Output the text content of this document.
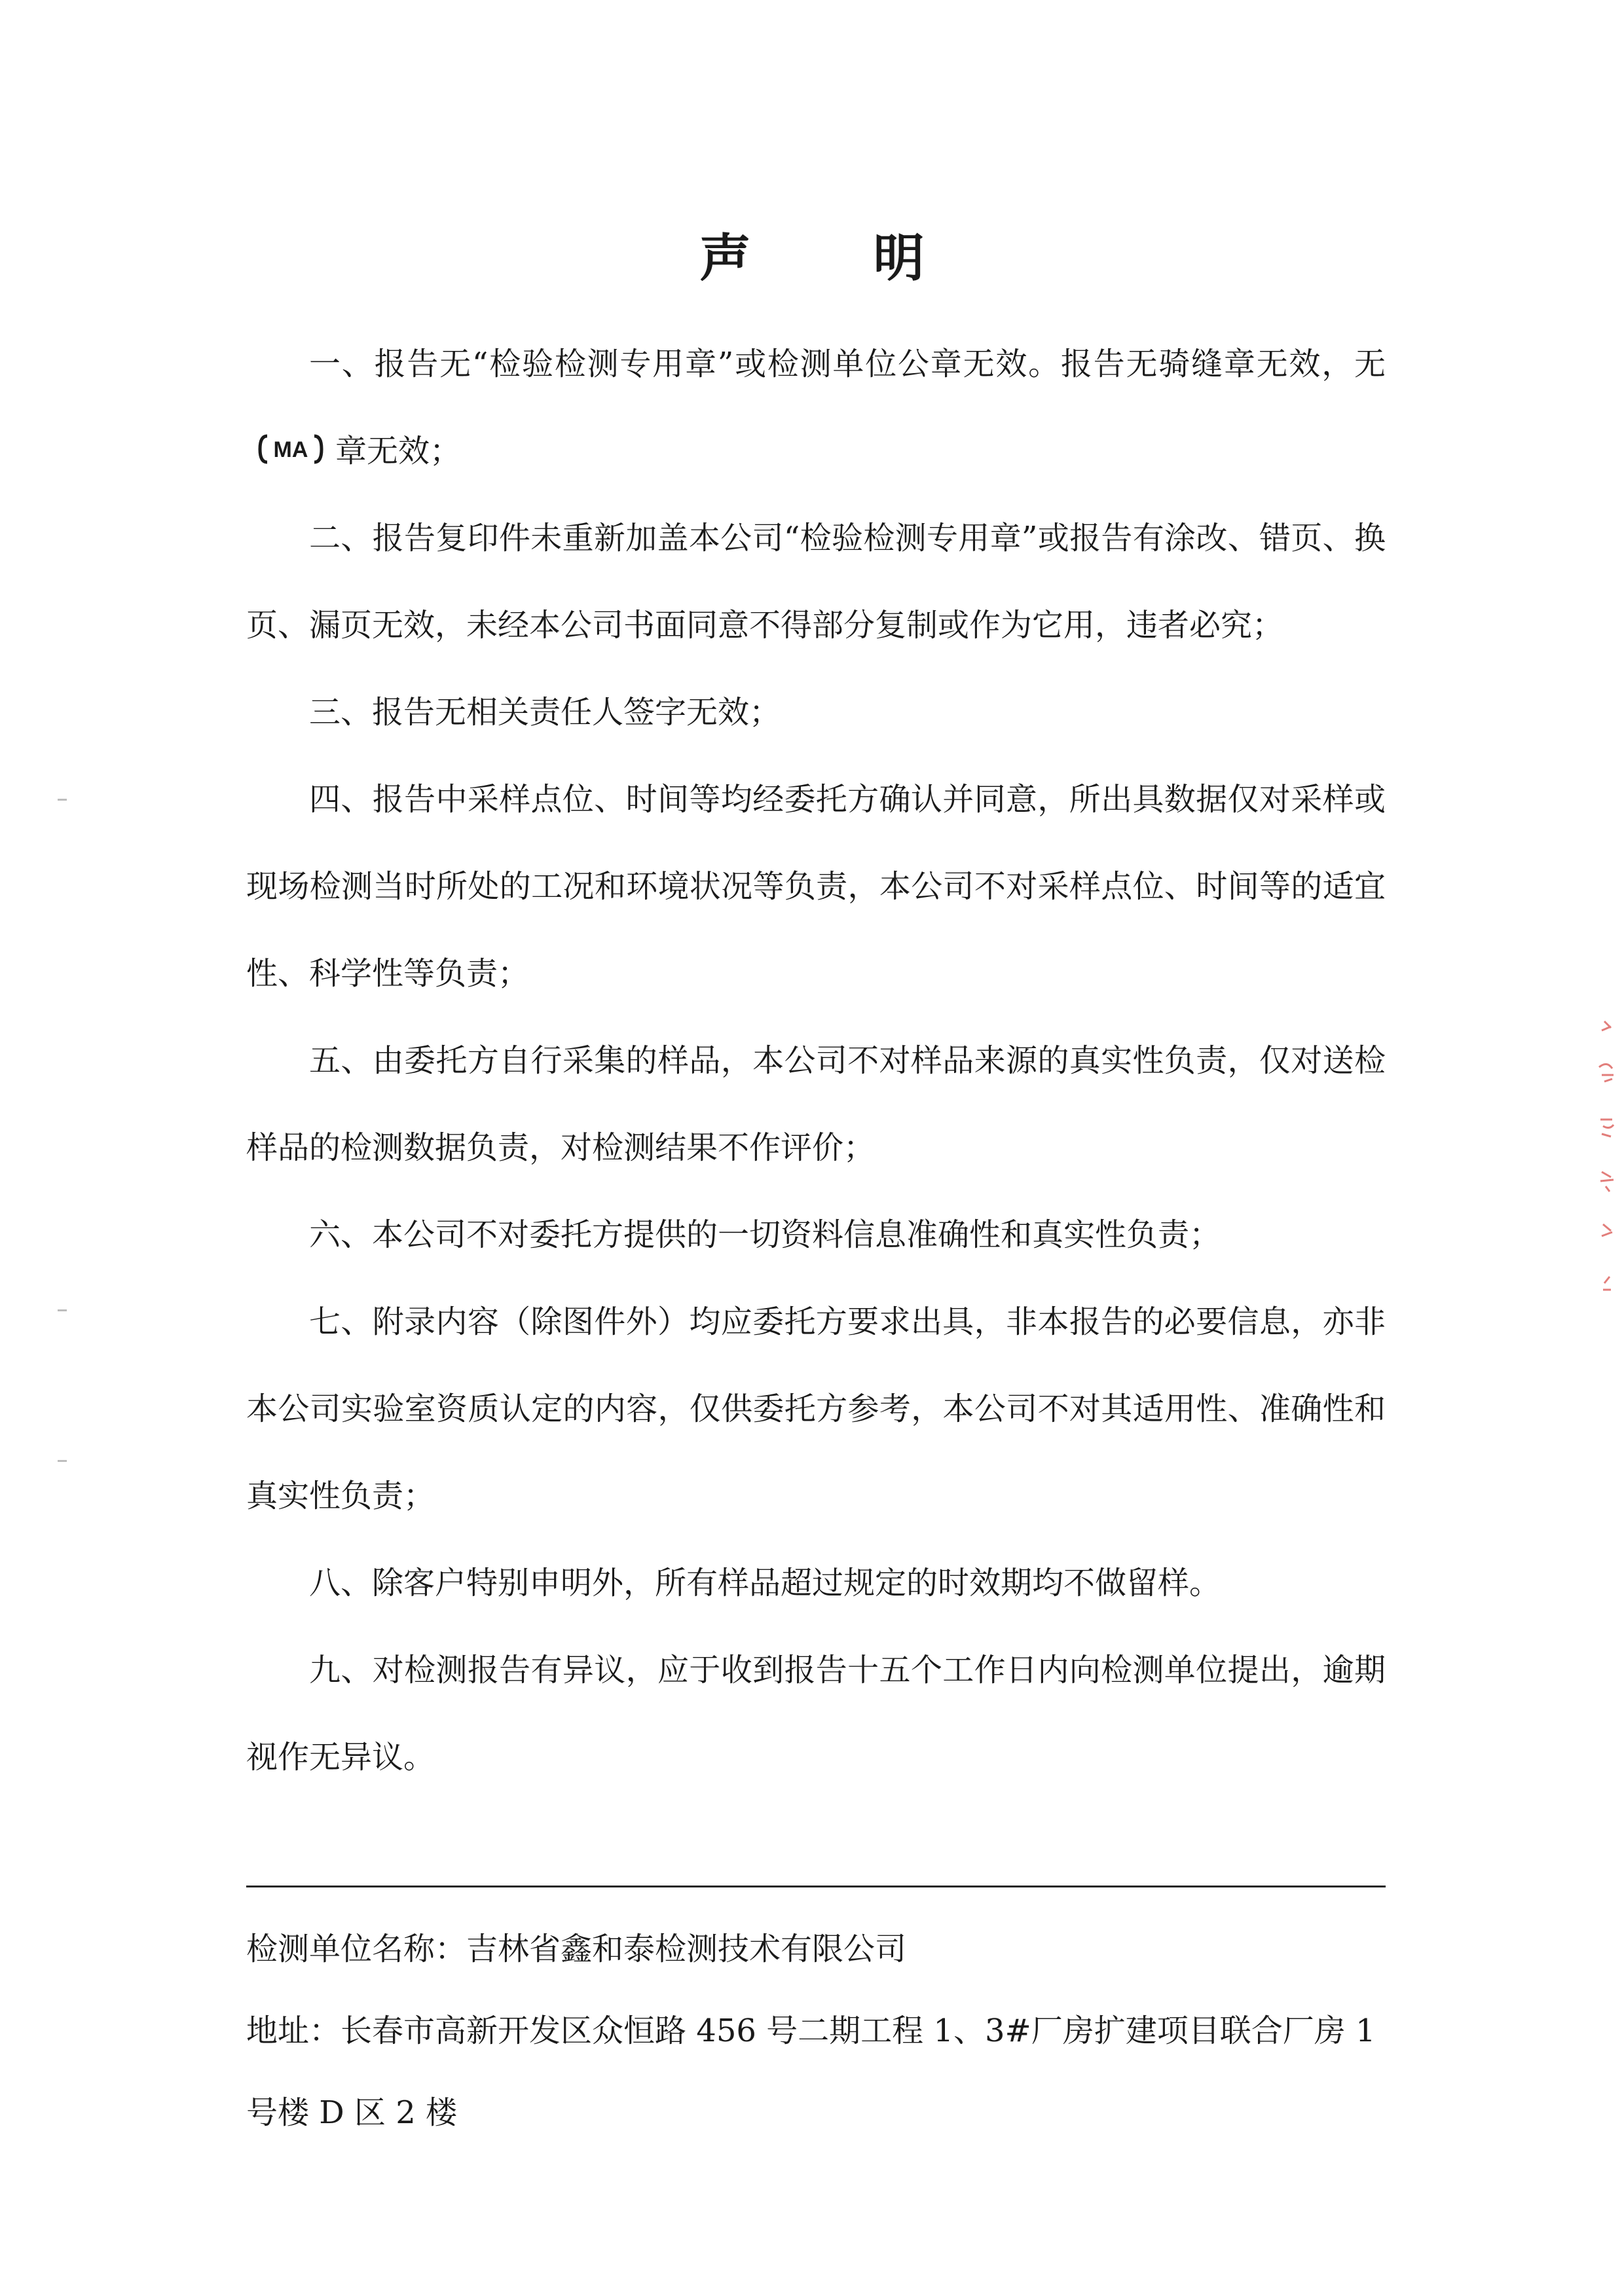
声 明

一、报告无“检验检测专用章”或检测单位公章无效。报告无骑缝章无效，无
MA 章无效；

二、报告复印件未重新加盖本公司“检验检测专用章”或报告有涂改、错页、换页、漏页无效，未经本公司书面同意不得部分复制或作为它用，违者必究；

三、报告无相关责任人签字无效；

四、报告中采样点位、时间等均经委托方确认并同意，所出具数据仅对采样或现场检测当时所处的工况和环境状况等负责，本公司不对采样点位、时间等的适宜性、科学性等负责；

五、由委托方自行采集的样品，本公司不对样品来源的真实性负责，仅对送检样品的检测数据负责，对检测结果不作评价；

六、本公司不对委托方提供的一切资料信息准确性和真实性负责；

七、附录内容（除图件外）均应委托方要求出具，非本报告的必要信息，亦非本公司实验室资质认定的内容，仅供委托方参考，本公司不对其适用性、准确性和真实性负责；

八、除客户特别申明外，所有样品超过规定的时效期均不做留样。

九、对检测报告有异议，应于收到报告十五个工作日内向检测单位提出，逾期视作无异议。

检测单位名称：吉林省鑫和泰检测技术有限公司

地址：长春市高新开发区众恒路 456 号二期工程 1、3#厂房扩建项目联合厂房 1 号楼 D 区 2 楼
